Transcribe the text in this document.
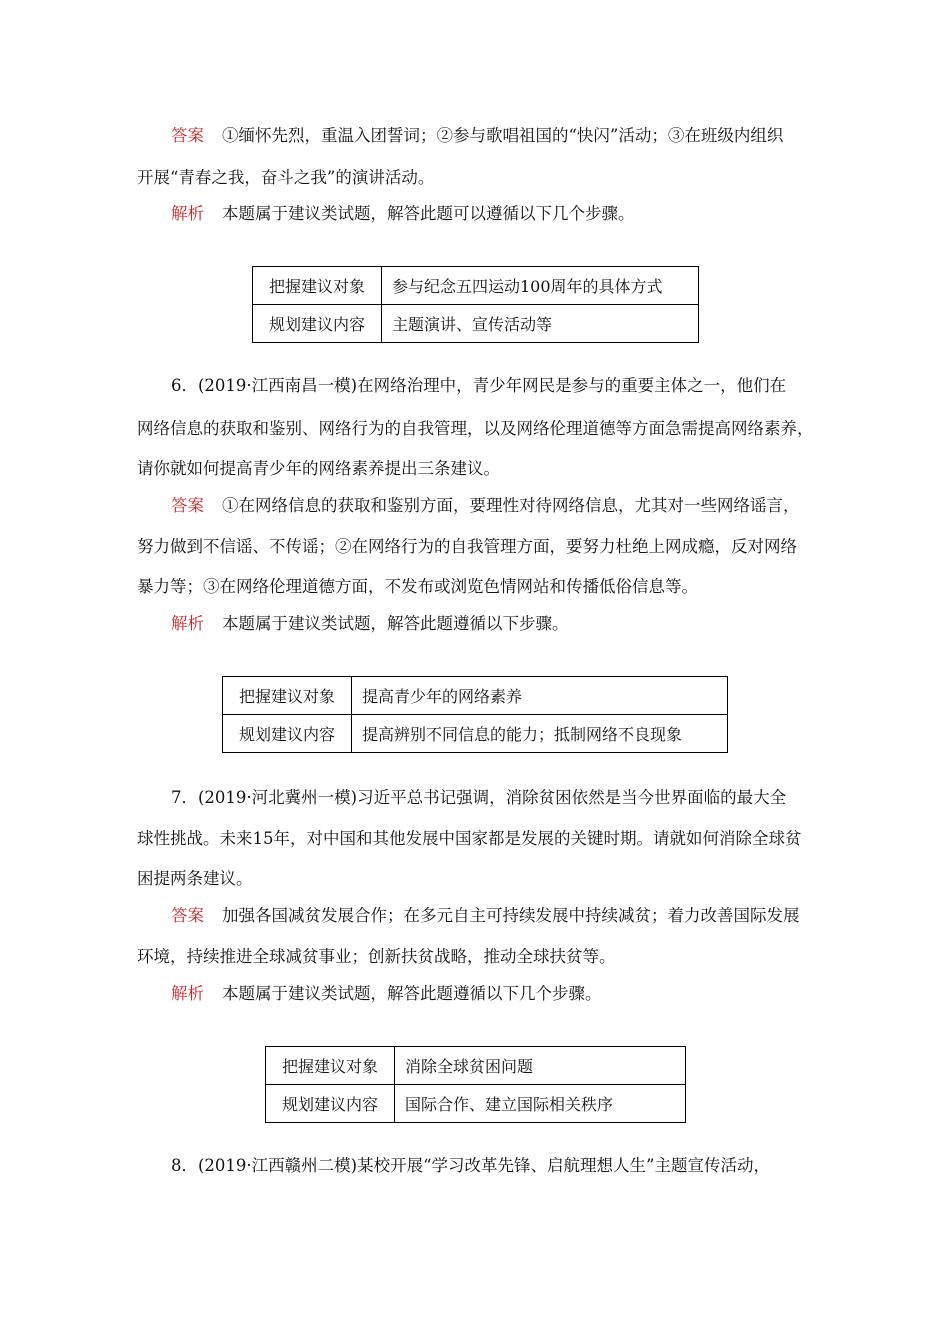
答案 ①缅怀先烈，重温入团誓词；②参与歌唱祖国的“快闪”活动；③在班级内组织
开展“青春之我，奋斗之我”的演讲活动。
解析 本题属于建议类试题，解答此题可以遵循以下几个步骤。
把握建议对象	参与纪念五四运动100周年的具体方式
规划建议内容	主题演讲、宣传活动等
6．(2019·江西南昌一模)在网络治理中，青少年网民是参与的重要主体之一，他们在
网络信息的获取和鉴别、网络行为的自我管理，以及网络伦理道德等方面急需提高网络素养，
请你就如何提高青少年的网络素养提出三条建议。
答案 ①在网络信息的获取和鉴别方面，要理性对待网络信息，尤其对一些网络谣言，
努力做到不信谣、不传谣；②在网络行为的自我管理方面，要努力杜绝上网成瘾，反对网络
暴力等；③在网络伦理道德方面，不发布或浏览色情网站和传播低俗信息等。
解析 本题属于建议类试题，解答此题遵循以下步骤。
把握建议对象	提高青少年的网络素养
规划建议内容	提高辨别不同信息的能力；抵制网络不良现象
7．(2019·河北冀州一模)习近平总书记强调，消除贫困依然是当今世界面临的最大全
球性挑战。未来15年，对中国和其他发展中国家都是发展的关键时期。请就如何消除全球贫
困提两条建议。
答案 加强各国减贫发展合作；在多元自主可持续发展中持续减贫；着力改善国际发展
环境，持续推进全球减贫事业；创新扶贫战略，推动全球扶贫等。
解析 本题属于建议类试题，解答此题遵循以下几个步骤。
把握建议对象	消除全球贫困问题
规划建议内容	国际合作、建立国际相关秩序
8．(2019·江西赣州二模)某校开展“学习改革先锋、启航理想人生”主题宣传活动，
